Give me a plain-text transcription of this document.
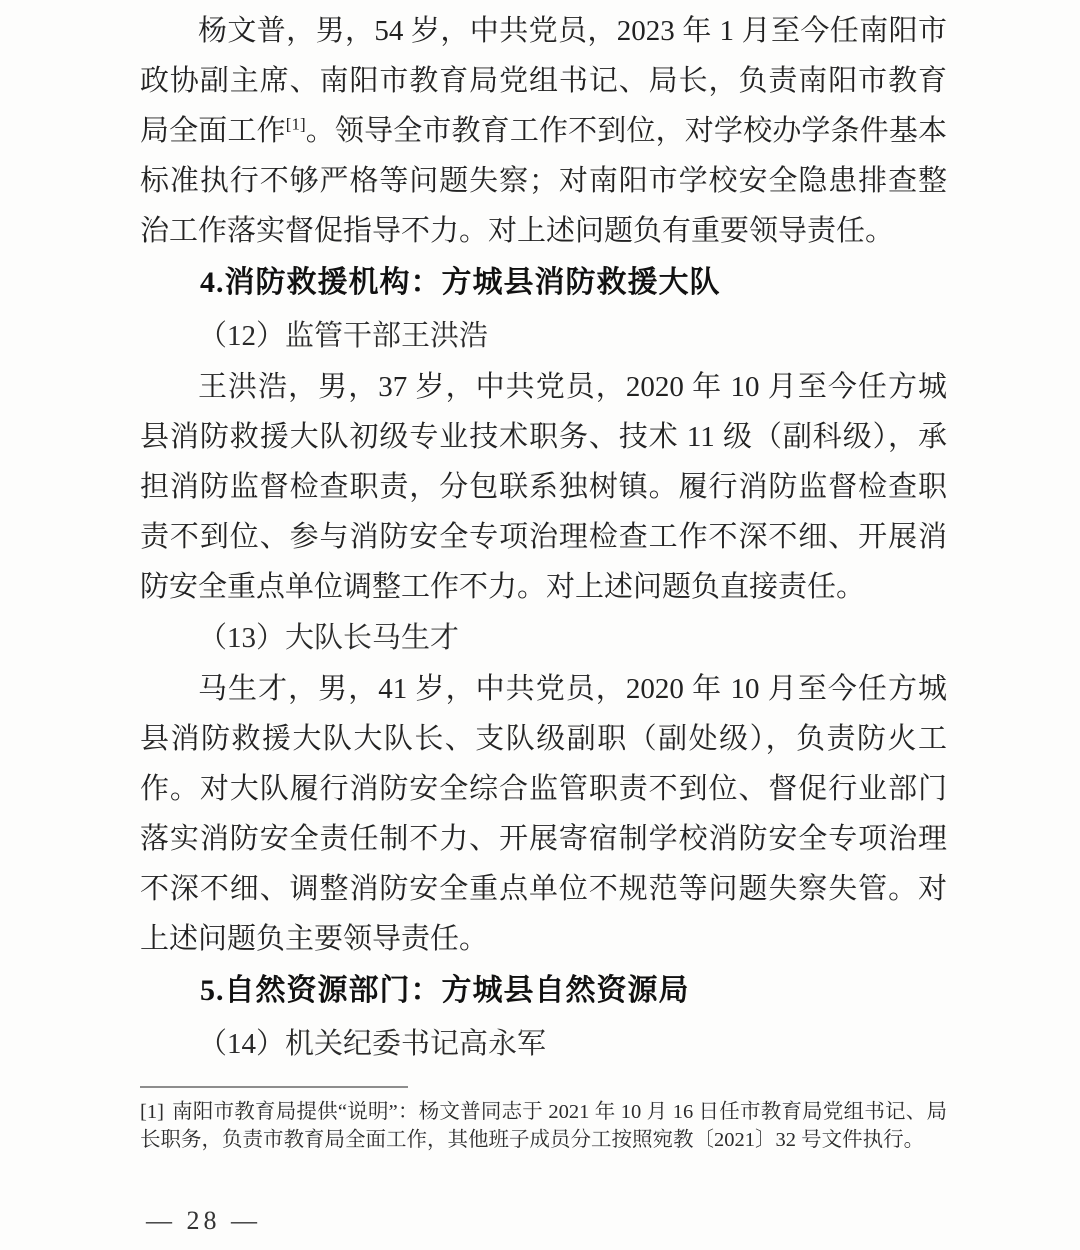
杨文普，男，54 岁，中共党员，2023 年 1 月至今任南阳市政协副主席、南阳市教育局党组书记、局长，负责南阳市教育局全面工作[1]。领导全市教育工作不到位，对学校办学条件基本标准执行不够严格等问题失察；对南阳市学校安全隐患排查整治工作落实督促指导不力。对上述问题负有重要领导责任。

4.消防救援机构：方城县消防救援大队

（12）监管干部王洪浩

王洪浩，男，37 岁，中共党员，2020 年 10 月至今任方城县消防救援大队初级专业技术职务、技术 11 级（副科级），承担消防监督检查职责，分包联系独树镇。履行消防监督检查职责不到位、参与消防安全专项治理检查工作不深不细、开展消防安全重点单位调整工作不力。对上述问题负直接责任。

（13）大队长马生才

马生才，男，41 岁，中共党员，2020 年 10 月至今任方城县消防救援大队大队长、支队级副职（副处级），负责防火工作。对大队履行消防安全综合监管职责不到位、督促行业部门落实消防安全责任制不力、开展寄宿制学校消防安全专项治理不深不细、调整消防安全重点单位不规范等问题失察失管。对上述问题负主要领导责任。

5.自然资源部门：方城县自然资源局

（14）机关纪委书记高永军

[1] 南阳市教育局提供“说明”：杨文普同志于 2021 年 10 月 16 日任市教育局党组书记、局长职务，负责市教育局全面工作，其他班子成员分工按照宛教〔2021〕32 号文件执行。

— 28 —
